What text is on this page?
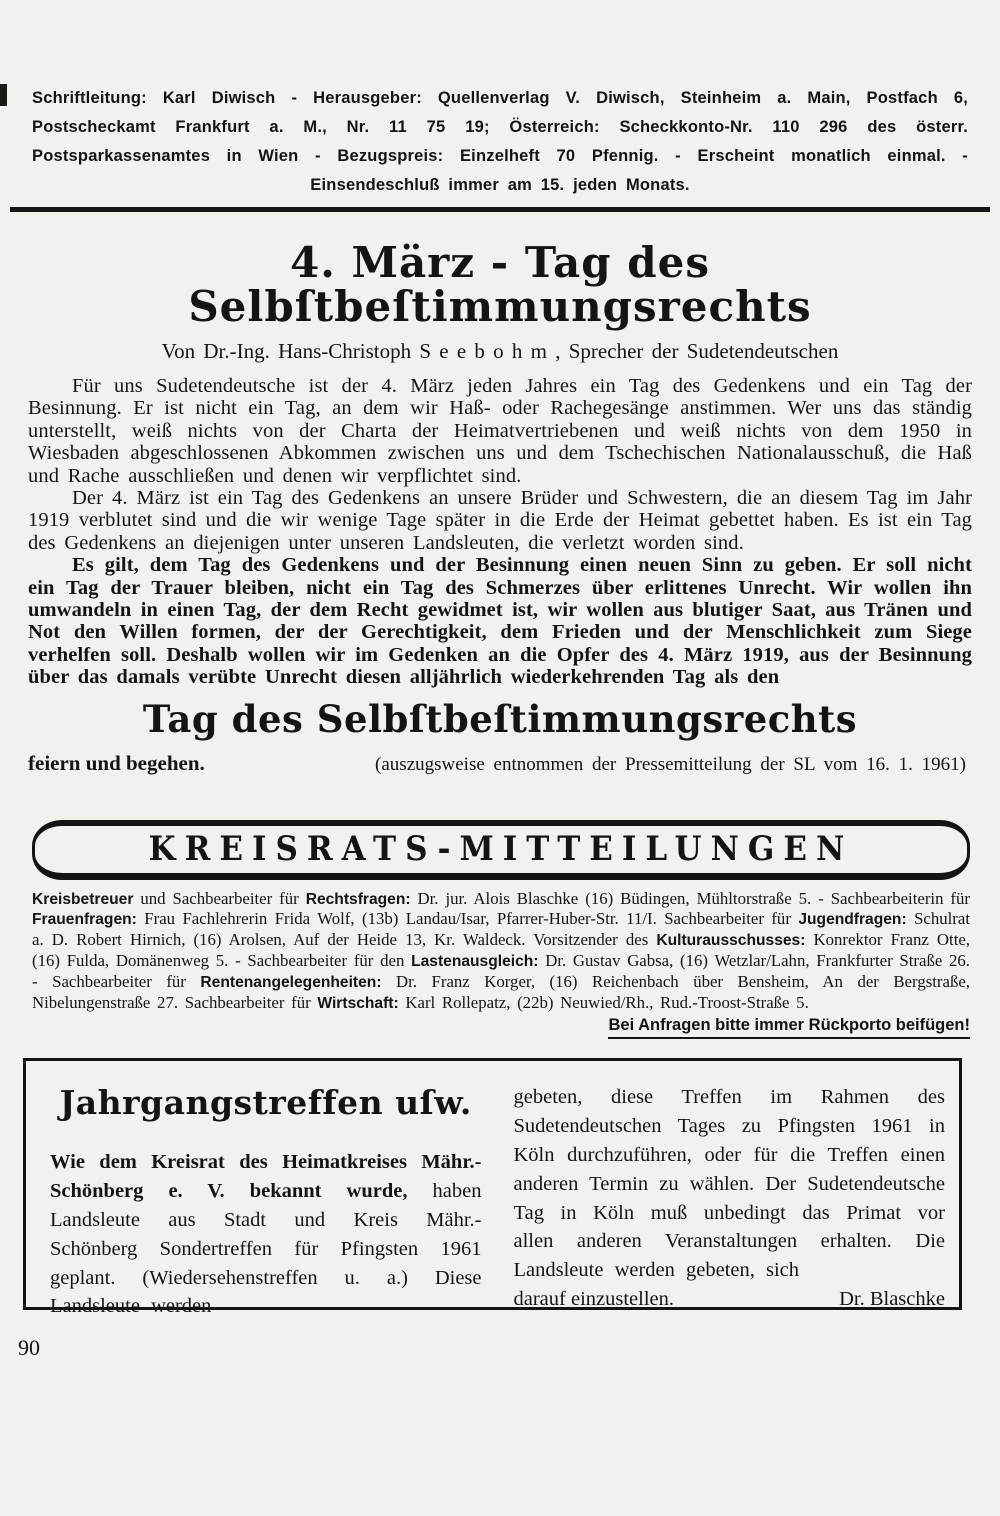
Schriftleitung: Karl Diwisch - Herausgeber: Quellenverlag V. Diwisch, Steinheim a. Main, Postfach 6, Postscheckamt Frankfurt a. M., Nr. 11 75 19; Österreich: Scheckkonto-Nr. 110 296 des österr. Postsparkassenamtes in Wien - Bezugspreis: Einzelheft 70 Pfennig. - Erscheint monatlich einmal. - Einsendeschluß immer am 15. jeden Monats.
4. März - Tag des Selbſtbeſtimmungsrechts
Von Dr.-Ing. Hans-Christoph S e e b o h m , Sprecher der Sudetendeutschen

Für uns Sudetendeutsche ist der 4. März jeden Jahres ein Tag des Gedenkens und ein Tag der Besinnung. Er ist nicht ein Tag, an dem wir Haß- oder Rachegesänge anstimmen. Wer uns das ständig unterstellt, weiß nichts von der Charta der Heimatvertriebenen und weiß nichts von dem 1950 in Wiesbaden abgeschlossenen Abkommen zwischen uns und dem Tschechischen Nationalausschuß, die Haß und Rache ausschließen und denen wir verpflichtet sind.

Der 4. März ist ein Tag des Gedenkens an unsere Brüder und Schwestern, die an diesem Tag im Jahr 1919 verblutet sind und die wir wenige Tage später in die Erde der Heimat gebettet haben. Es ist ein Tag des Gedenkens an diejenigen unter unseren Landsleuten, die verletzt worden sind.

Es gilt, dem Tag des Gedenkens und der Besinnung einen neuen Sinn zu geben. Er soll nicht ein Tag der Trauer bleiben, nicht ein Tag des Schmerzes über erlittenes Unrecht. Wir wollen ihn umwandeln in einen Tag, der dem Recht gewidmet ist, wir wollen aus blutiger Saat, aus Tränen und Not den Willen formen, der der Gerechtigkeit, dem Frieden und der Menschlichkeit zum Siege verhelfen soll. Deshalb wollen wir im Gedenken an die Opfer des 4. März 1919, aus der Besinnung über das damals verübte Unrecht diesen alljährlich wiederkehrenden Tag als den

Tag des Selbſtbeſtimmungsrechts
feiern und begehen.	(auszugsweise entnommen der Pressemitteilung der SL vom 16. 1. 1961)
KREISRATS-MITTEILUNGEN
Kreisbetreuer und Sachbearbeiter für Rechtsfragen: Dr. jur. Alois Blaschke (16) Büdingen, Mühltorstraße 5. - Sachbearbeiterin für Frauenfragen: Frau Fachlehrerin Frida Wolf, (13b) Landau/Isar, Pfarrer-Huber-Str. 11/I. Sachbearbeiter für Jugendfragen: Schulrat a. D. Robert Hirnich, (16) Arolsen, Auf der Heide 13, Kr. Waldeck. Vorsitzender des Kulturausschusses: Konrektor Franz Otte, (16) Fulda, Domänenweg 5. - Sachbearbeiter für den Lastenausgleich: Dr. Gustav Gabsa, (16) Wetzlar/Lahn, Frankfurter Straße 26. - Sachbearbeiter für Rentenangelegenheiten: Dr. Franz Korger, (16) Reichenbach über Bensheim, An der Bergstraße, Nibelungenstraße 27. Sachbearbeiter für Wirtschaft: Karl Rollepatz, (22b) Neuwied/Rh., Rud.-Troost-Straße 5.
Bei Anfragen bitte immer Rückporto beifügen!
Jahrgangstreffen uſw.
Wie dem Kreisrat des Heimatkreises Mähr.-Schönberg e. V. bekannt wurde, haben Landsleute aus Stadt und Kreis Mähr.-Schönberg Sondertreffen für Pfingsten 1961 geplant. (Wiedersehenstreffen u. a.) Diese Landsleute werden
gebeten, diese Treffen im Rahmen des Sudetendeutschen Tages zu Pfingsten 1961 in Köln durchzuführen, oder für die Treffen einen anderen Termin zu wählen. Der Sudetendeutsche Tag in Köln muß unbedingt das Primat vor allen anderen Veranstaltungen erhalten. Die Landsleute werden gebeten, sich
darauf einzustellen.	Dr. Blaschke
90
